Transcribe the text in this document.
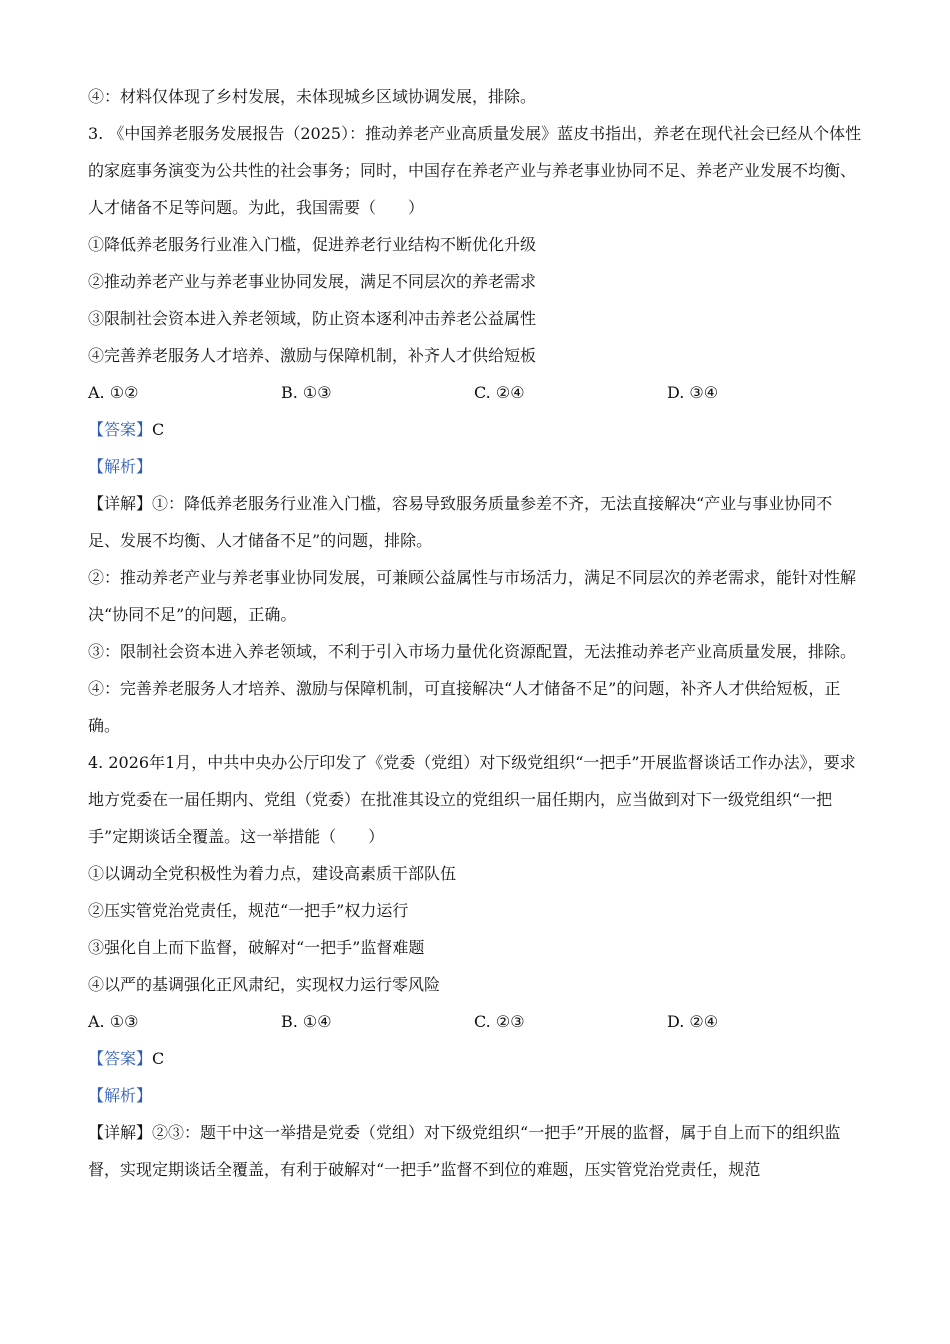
④：材料仅体现了乡村发展，未体现城乡区域协调发展，排除。

3. 《中国养老服务发展报告（2025）：推动养老产业高质量发展》蓝皮书指出，养老在现代社会已经从个体性的家庭事务演变为公共性的社会事务；同时，中国存在养老产业与养老事业协同不足、养老产业发展不均衡、人才储备不足等问题。为此，我国需要（　　）

①降低养老服务行业准入门槛，促进养老行业结构不断优化升级

②推动养老产业与养老事业协同发展，满足不同层次的养老需求

③限制社会资本进入养老领域，防止资本逐利冲击养老公益属性

④完善养老服务人才培养、激励与保障机制，补齐人才供给短板

A. ①②	B. ①③	C. ②④	D. ③④

【答案】C

【解析】

【详解】①：降低养老服务行业准入门槛，容易导致服务质量参差不齐，无法直接解决“产业与事业协同不足、发展不均衡、人才储备不足”的问题，排除。

②：推动养老产业与养老事业协同发展，可兼顾公益属性与市场活力，满足不同层次的养老需求，能针对性解决“协同不足”的问题，正确。

③：限制社会资本进入养老领域，不利于引入市场力量优化资源配置，无法推动养老产业高质量发展，排除。

④：完善养老服务人才培养、激励与保障机制，可直接解决“人才储备不足”的问题，补齐人才供给短板，正确。

4. 2026年1月，中共中央办公厅印发了《党委（党组）对下级党组织“一把手”开展监督谈话工作办法》，要求地方党委在一届任期内、党组（党委）在批准其设立的党组织一届任期内，应当做到对下一级党组织“一把手”定期谈话全覆盖。这一举措能（　　）

①以调动全党积极性为着力点，建设高素质干部队伍

②压实管党治党责任，规范“一把手”权力运行

③强化自上而下监督，破解对“一把手”监督难题

④以严的基调强化正风肃纪，实现权力运行零风险

A. ①③	B. ①④	C. ②③	D. ②④

【答案】C

【解析】

【详解】②③：题干中这一举措是党委（党组）对下级党组织“一把手”开展的监督，属于自上而下的组织监督，实现定期谈话全覆盖，有利于破解对“一把手”监督不到位的难题，压实管党治党责任，规范
